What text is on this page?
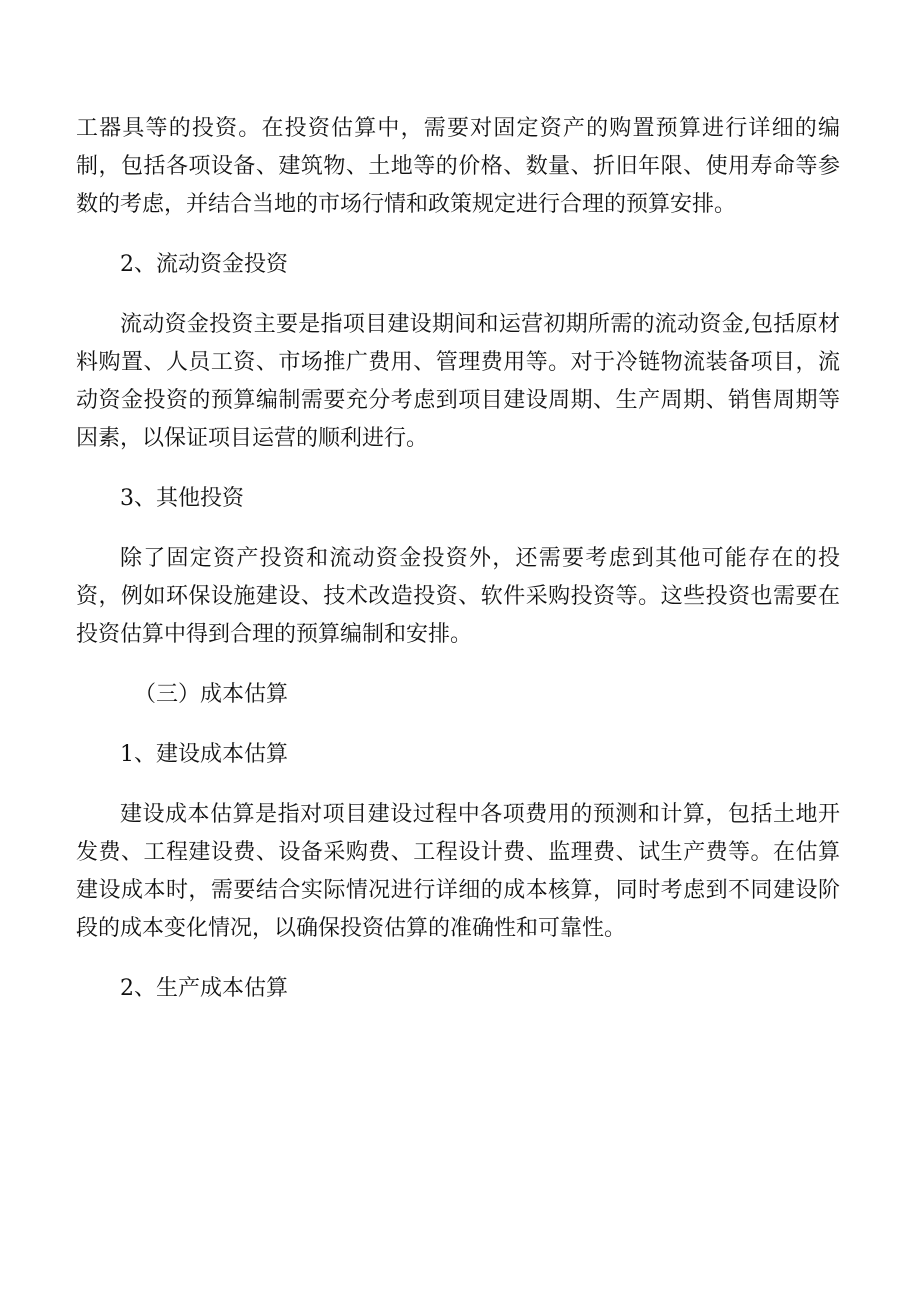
工器具等的投资。在投资估算中，需要对固定资产的购置预算进行详细的编制，包括各项设备、建筑物、土地等的价格、数量、折旧年限、使用寿命等参数的考虑，并结合当地的市场行情和政策规定进行合理的预算安排。

2、流动资金投资

流动资金投资主要是指项目建设期间和运营初期所需的流动资金,包括原材料购置、人员工资、市场推广费用、管理费用等。对于冷链物流装备项目，流动资金投资的预算编制需要充分考虑到项目建设周期、生产周期、销售周期等因素，以保证项目运营的顺利进行。

3、其他投资

除了固定资产投资和流动资金投资外，还需要考虑到其他可能存在的投资，例如环保设施建设、技术改造投资、软件采购投资等。这些投资也需要在投资估算中得到合理的预算编制和安排。

（三）成本估算

1、建设成本估算

建设成本估算是指对项目建设过程中各项费用的预测和计算，包括土地开发费、工程建设费、设备采购费、工程设计费、监理费、试生产费等。在估算建设成本时，需要结合实际情况进行详细的成本核算，同时考虑到不同建设阶段的成本变化情况，以确保投资估算的准确性和可靠性。

2、生产成本估算
